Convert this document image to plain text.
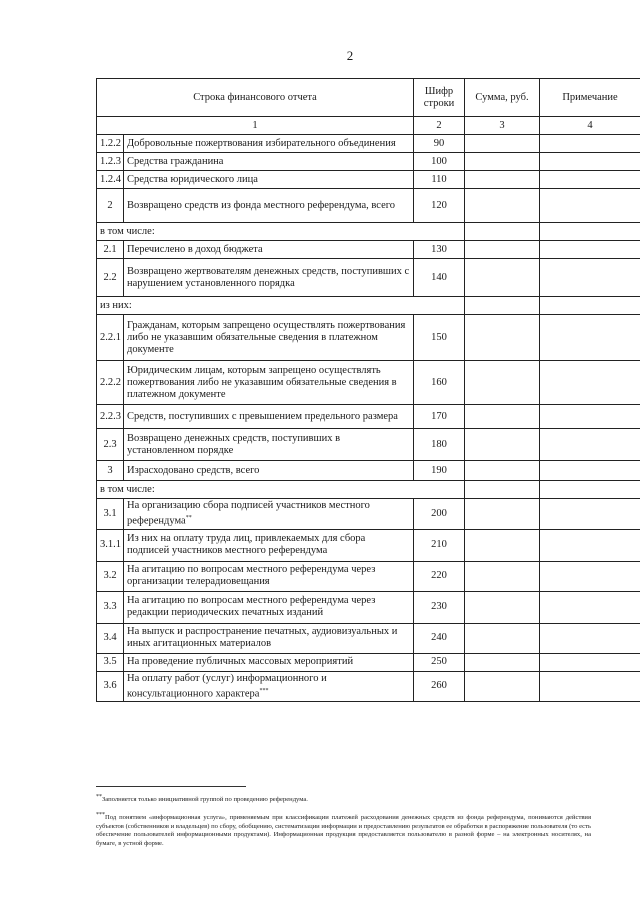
2
Строка финансового отчета		Шифр строки	Сумма, руб.	Примечание
1		2	3	4
1.2.2	Добровольные пожертвования избирательного объединения	90		
1.2.3	Средства гражданина	100		
1.2.4	Средства юридического лица	110		
2	Возвращено средств из фонда местного референдума, всего	120		
в том числе:				
2.1	Перечислено в доход бюджета	130		
2.2	Возвращено жертвователям денежных средств, поступивших с нарушением установленного порядка	140		
из них:				
2.2.1	Гражданам, которым запрещено осуществлять пожертвования либо не указавшим обязательные сведения в платежном документе	150		
2.2.2	Юридическим лицам, которым запрещено осуществлять пожертвования либо не указавшим обязательные сведения в платежном документе	160		
2.2.3	Средств, поступивших с превышением предельного размера	170		
2.3	Возвращено денежных средств, поступивших в установленном порядке	180		
3	Израсходовано средств, всего	190		
в том числе:				
3.1	На организацию сбора подписей участников местного референдума**	200		
3.1.1	Из них на оплату труда лиц, привлекаемых для сбора подписей участников местного референдума	210		
3.2	На агитацию по вопросам местного референдума через организации телерадиовещания	220		
3.3	На агитацию по вопросам местного референдума через редакции периодических печатных изданий	230		
3.4	На выпуск и распространение печатных, аудиовизуальных и иных агитационных материалов	240		
3.5	На проведение публичных массовых мероприятий	250		
3.6	На оплату работ (услуг) информационного и консультационного характера***	260		

**Заполняется только инициативной группой по проведению референдума.

***Под понятием «информационная услуга», применяемым при классификации платежей расходования денежных средств из фонда референдума, понимаются действия субъектов (собственников и владельцев) по сбору, обобщению, систематизации информации и предоставлению результатов ее обработки в распоряжение пользователя (то есть обеспечение пользователей информационными продуктами). Информационная продукция предоставляется пользователю в разной форме – на электронных носителях, на бумаге, в устной форме.
